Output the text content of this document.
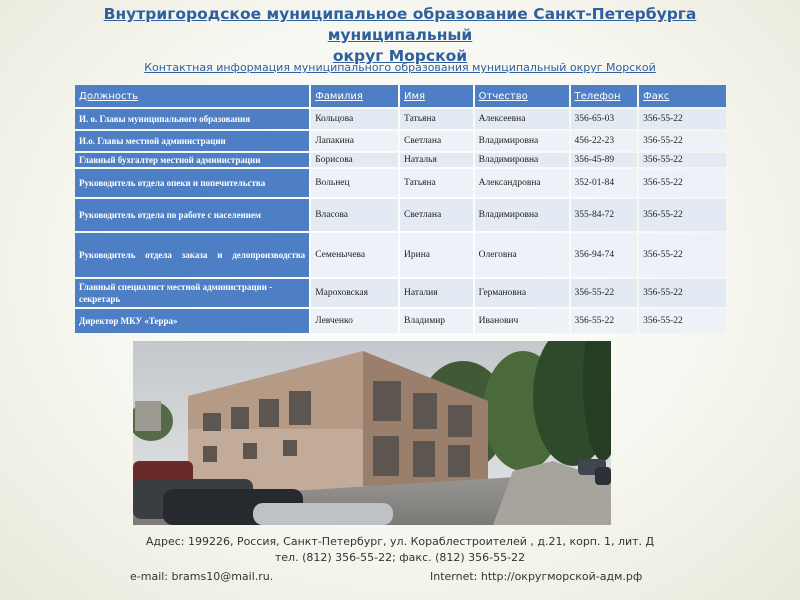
Внутригородское муниципальное образование Санкт-Петербурга муниципальный
округ Морской
Контактная информация муниципального образования муниципальный округ Морской
Должность	Фамилия	Имя	Отчество	Телефон	Факс
И. о. Главы муниципального образования	Кольцова	Татьяна	Алексеевна	356-65-03	356-55-22
И.о. Главы местной администрации	Лапакина	Светлана	Владимировна	456-22-23	356-55-22
Главный бухгалтер местной администрации	Борисова	Наталья	Владимировна	356-45-89	356-55-22
Руководитель отдела опеки и попечительства	Вольнец	Татьяна	Александровна	352-01-84	356-55-22
Руководитель отдела по работе с населением	Власова	Светлана	Владимировна	355-84-72	356-55-22
Руководитель отдела заказа и делопроизводства	Семенычева	Ирина	Олеговна	356-94-74	356-55-22
Главный специалист местной администрации - секретарь	Мароховская	Наталия	Германовна	356-55-22	356-55-22
Директор МКУ «Терра»	Левченко	Владимир	Иванович	356-55-22	356-55-22
Адрес: 199226, Россия, Санкт-Петербург, ул. Кораблестроителей , д.21, корп. 1, лит. Д
тел. (812) 356-55-22; факс. (812) 356-55-22
e-mail: brams10@mail.ru.	Internet: http://округморской-адм.рф
